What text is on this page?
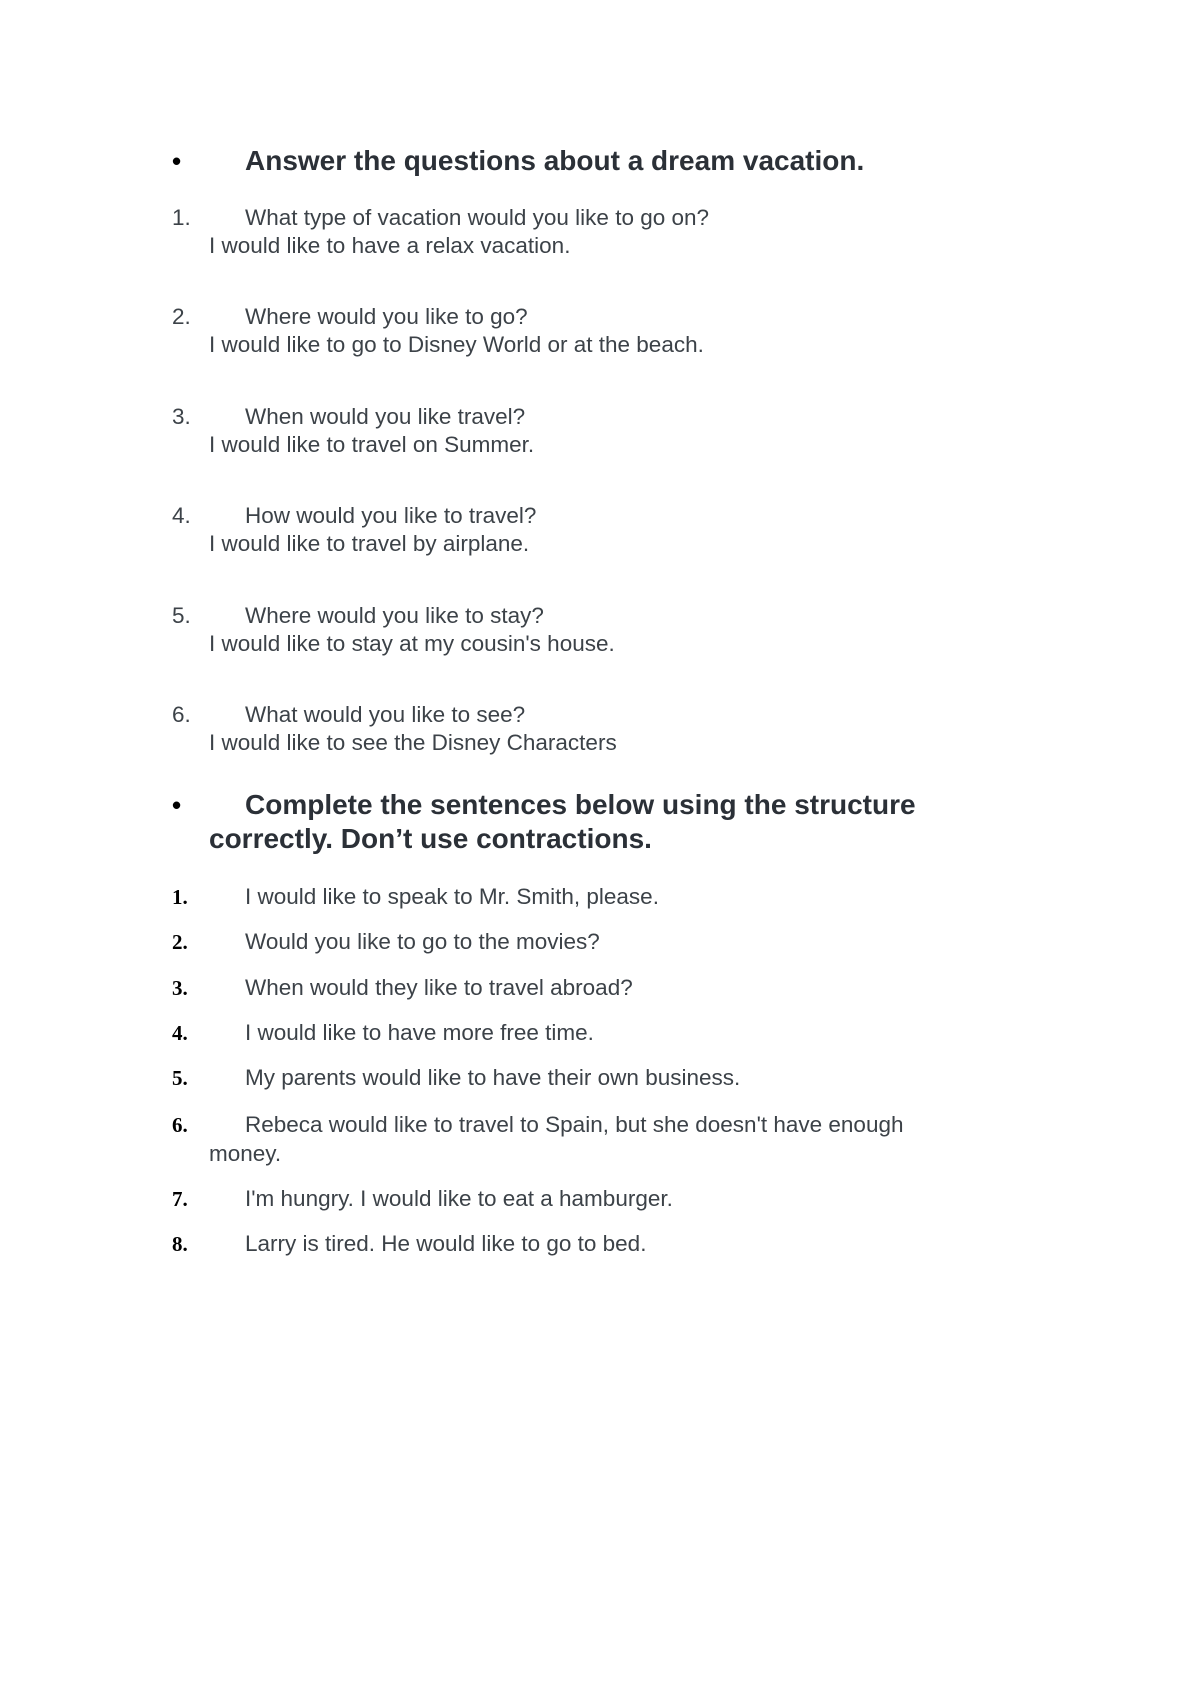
•	Answer the questions about a dream vacation.
1.	What type of vacation would you like to go on?
I would like to have a relax vacation.
2.	Where would you like to go?
I would like to go to Disney World or at the beach.
3.	When would you like travel?
I would like to travel on Summer.
4.	How would you like to travel?
I would like to travel by airplane.
5.	Where would you like to stay?
I would like to stay at my cousin's house.
6.	What would you like to see?
I would like to see the Disney Characters
•	Complete the sentences below using the structure
correctly. Don’t use contractions.
1.	I would like to speak to Mr. Smith, please.
2.	Would you like to go to the movies?
3.	When would they like to travel abroad?
4.	I would like to have more free time.
5.	My parents would like to have their own business.
6.	Rebeca would like to travel to Spain, but she doesn't have enough
money.
7.	I'm hungry. I would like to eat a hamburger.
8.	Larry is tired. He would like to go to bed.
